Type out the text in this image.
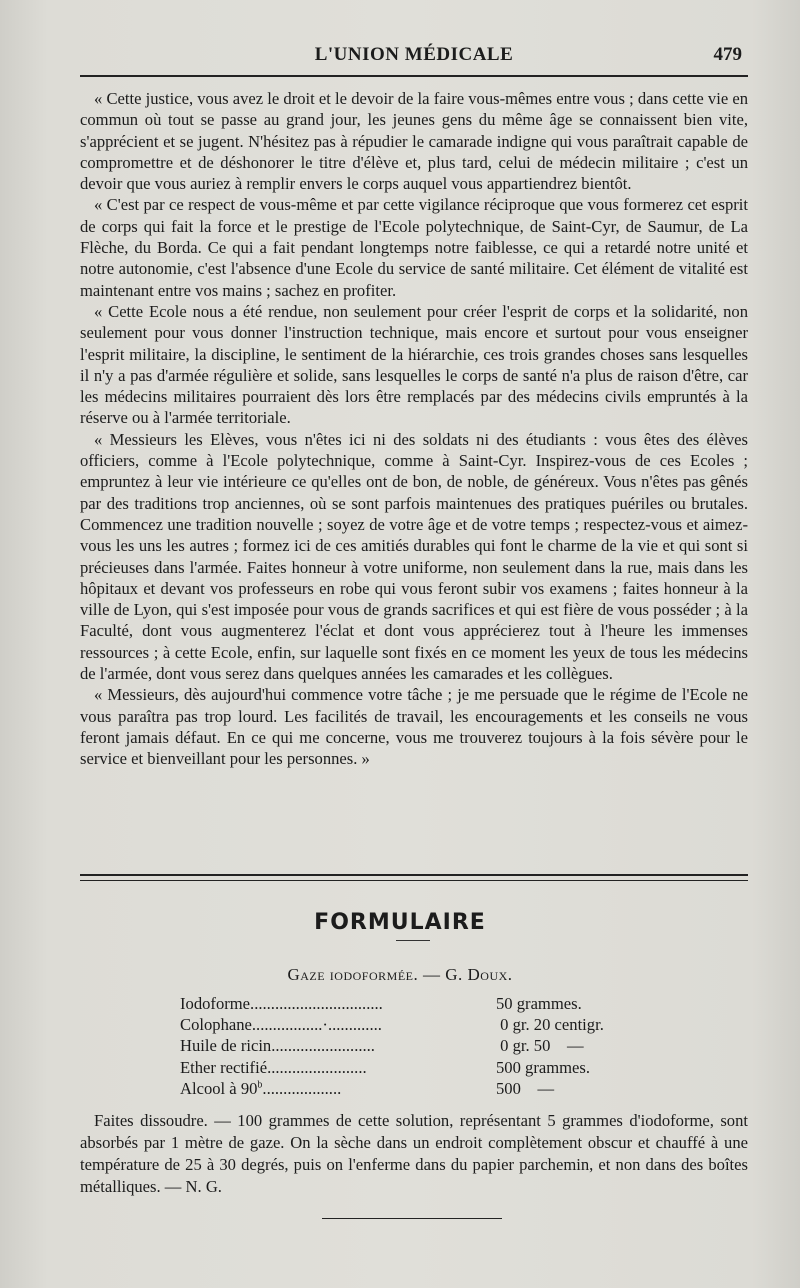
L'UNION MÉDICALE	479

« Cette justice, vous avez le droit et le devoir de la faire vous-mêmes entre vous ; dans cette vie en commun où tout se passe au grand jour, les jeunes gens du même âge se connaissent bien vite, s'apprécient et se jugent. N'hésitez pas à répudier le camarade indigne qui vous paraîtrait capable de compromettre et de déshonorer le titre d'élève et, plus tard, celui de médecin militaire ; c'est un devoir que vous auriez à remplir envers le corps auquel vous appartiendrez bientôt.

« C'est par ce respect de vous-même et par cette vigilance réciproque que vous formerez cet esprit de corps qui fait la force et le prestige de l'Ecole polytechnique, de Saint-Cyr, de Saumur, de La Flèche, du Borda. Ce qui a fait pendant longtemps notre faiblesse, ce qui a retardé notre unité et notre autonomie, c'est l'absence d'une Ecole du service de santé militaire. Cet élément de vitalité est maintenant entre vos mains ; sachez en profiter.

« Cette Ecole nous a été rendue, non seulement pour créer l'esprit de corps et la solidarité, non seulement pour vous donner l'instruction technique, mais encore et surtout pour vous enseigner l'esprit militaire, la discipline, le sentiment de la hiérarchie, ces trois grandes choses sans lesquelles il n'y a pas d'armée régulière et solide, sans lesquelles le corps de santé n'a plus de raison d'être, car les médecins militaires pourraient dès lors être remplacés par des médecins civils empruntés à la réserve ou à l'armée territoriale.

« Messieurs les Elèves, vous n'êtes ici ni des soldats ni des étudiants : vous êtes des élèves officiers, comme à l'Ecole polytechnique, comme à Saint-Cyr. Inspirez-vous de ces Ecoles ; empruntez à leur vie intérieure ce qu'elles ont de bon, de noble, de généreux. Vous n'êtes pas gênés par des traditions trop anciennes, où se sont parfois maintenues des pratiques puériles ou brutales. Commencez une tradition nouvelle ; soyez de votre âge et de votre temps ; respectez-vous et aimez-vous les uns les autres ; formez ici de ces amitiés durables qui font le charme de la vie et qui sont si précieuses dans l'armée. Faites honneur à votre uniforme, non seulement dans la rue, mais dans les hôpitaux et devant vos professeurs en robe qui vous feront subir vos examens ; faites honneur à la ville de Lyon, qui s'est imposée pour vous de grands sacrifices et qui est fière de vous posséder ; à la Faculté, dont vous augmenterez l'éclat et dont vous apprécierez tout à l'heure les immenses ressources ; à cette Ecole, enfin, sur laquelle sont fixés en ce moment les yeux de tous les médecins de l'armée, dont vous serez dans quelques années les camarades et les collègues.

« Messieurs, dès aujourd'hui commence votre tâche ; je me persuade que le régime de l'Ecole ne vous paraîtra pas trop lourd. Les facilités de travail, les encouragements et les conseils ne vous feront jamais défaut. En ce qui me concerne, vous me trouverez toujours à la fois sévère pour le service et bienveillant pour les personnes. »

FORMULAIRE
Gaze iodoformée. — G. Doux.
Iodoforme................................	50 grammes.
Colophane.................·.............	0 gr. 20 centigr.
Huile de ricin.........................	0 gr. 50    —
Ether rectifié........................	500 grammes.
Alcool à 90$^b$...................	500    —

Faites dissoudre. — 100 grammes de cette solution, représentant 5 grammes d'iodoforme, sont absorbés par 1 mètre de gaze. On la sèche dans un endroit complètement obscur et chauffé à une température de 25 à 30 degrés, puis on l'enferme dans du papier parchemin, et non dans des boîtes métalliques. — N. G.
